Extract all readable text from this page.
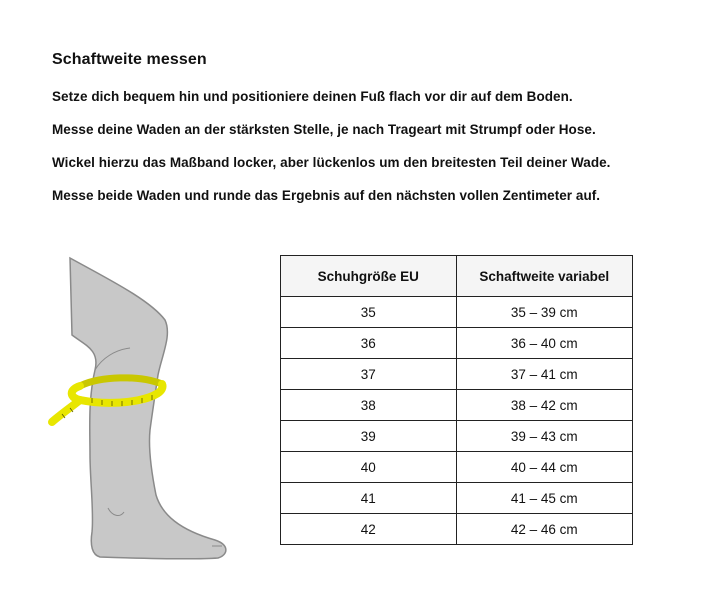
Schaftweite messen
Setze dich bequem hin und positioniere deinen Fuß flach vor dir auf dem Boden.
Messe deine Waden an der stärksten Stelle, je nach Trageart mit Strumpf oder Hose.
Wickel hierzu das Maßband locker, aber lückenlos um den breitesten Teil deiner Wade.
Messe beide Waden und runde das Ergebnis auf den nächsten vollen Zentimeter auf.
Schuhgröße EU	Schaftweite variabel
35	35 – 39 cm
36	36 – 40 cm
37	37 – 41 cm
38	38 – 42 cm
39	39 – 43 cm
40	40 – 44 cm
41	41 – 45 cm
42	42 – 46 cm
